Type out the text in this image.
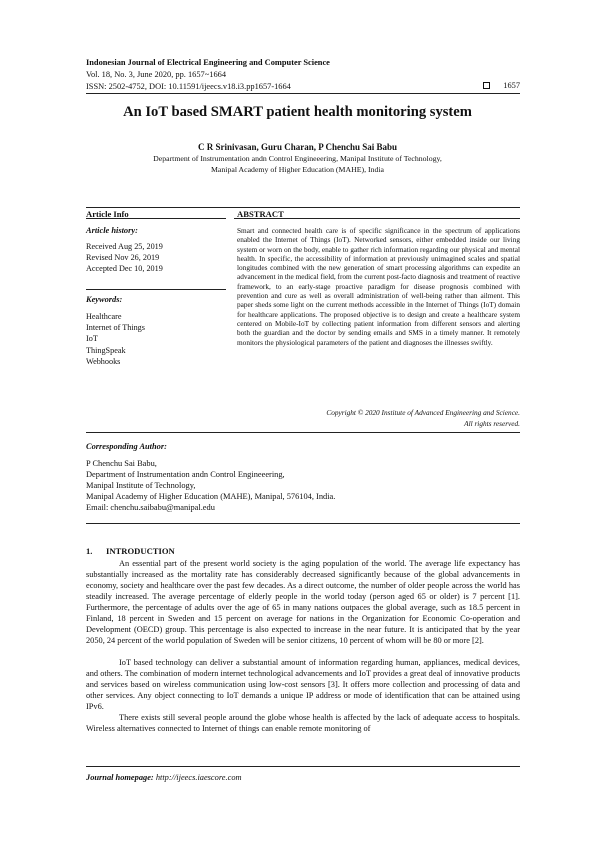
Indonesian Journal of Electrical Engineering and Computer Science
Vol. 18, No. 3, June 2020, pp. 1657~1664
ISSN: 2502-4752, DOI: 10.11591/ijeecs.v18.i3.pp1657-1664	1657
An IoT based SMART patient health monitoring system
C R Srinivasan, Guru Charan, P Chenchu Sai Babu
Department of Instrumentation andn Control Engineeering, Manipal Institute of Technology,
Manipal Academy of Higher Education (MAHE), India
Article Info
Article history:
Received Aug 25, 2019
Revised Nov 26, 2019
Accepted Dec 10, 2019
Keywords:
Healthcare
Internet of Things
IoT
ThingSpeak
Webhooks
ABSTRACT
Smart and connected health care is of specific significance in the spectrum of applications enabled the Internet of Things (IoT). Networked sensors, either embedded inside our living system or worn on the body, enable to gather rich information regarding our physical and mental health. In specific, the accessibility of information at previously unimagined scales and spatial longitudes combined with the new generation of smart processing algorithms can expedite an advancement in the medical field, from the current post-facto diagnosis and treatment of reactive framework, to an early-stage proactive paradigm for disease prognosis combined with prevention and cure as well as overall administration of well-being rather than ailment. This paper sheds some light on the current methods accessible in the Internet of Things (IoT) domain for healthcare applications. The proposed objective is to design and create a healthcare system centered on Mobile-IoT by collecting patient information from different sensors and alerting both the guardian and the doctor by sending emails and SMS in a timely manner. It remotely monitors the physiological parameters of the patient and diagnoses the illnesses swiftly.
Copyright © 2020 Institute of Advanced Engineering and Science.
All rights reserved.
Corresponding Author:
P Chenchu Sai Babu,
Department of Instrumentation andn Control Engineeering,
Manipal Institute of Technology,
Manipal Academy of Higher Education (MAHE), Manipal, 576104, India.
Email: chenchu.saibabu@manipal.edu
1. INTRODUCTION
An essential part of the present world society is the aging population of the world. The average life expectancy has substantially increased as the mortality rate has considerably decreased significantly because of the global advancements in economy, society and healthcare over the past few decades. As a direct outcome, the number of older people across the world has steadily increased. The average percentage of elderly people in the world today (person aged 65 or older) is 7 percent [1]. Furthermore, the percentage of adults over the age of 65 in many nations outpaces the global average, such as 18.5 percent in Finland, 18 percent in Sweden and 15 percent on average for nations in the Organization for Economic Co-operation and Development (OECD) group. This percentage is also expected to increase in the near future. It is anticipated that by the year 2050, 24 percent of the world population of Sweden will be senior citizens, 10 percent of whom will be 80 or more [2].
IoT based technology can deliver a substantial amount of information regarding human, appliances, medical devices, and others. The combination of modern internet technological advancements and IoT provides a great deal of innovative products and services based on wireless communication using low-cost sensors [3]. It offers more collection and processing of data and other services. Any object connecting to IoT demands a unique IP address or mode of identification that can be attained using IPv6.
There exists still several people around the globe whose health is affected by the lack of adequate access to hospitals. Wireless alternatives connected to Internet of things can enable remote monitoring of
Journal homepage: http://ijeecs.iaescore.com
